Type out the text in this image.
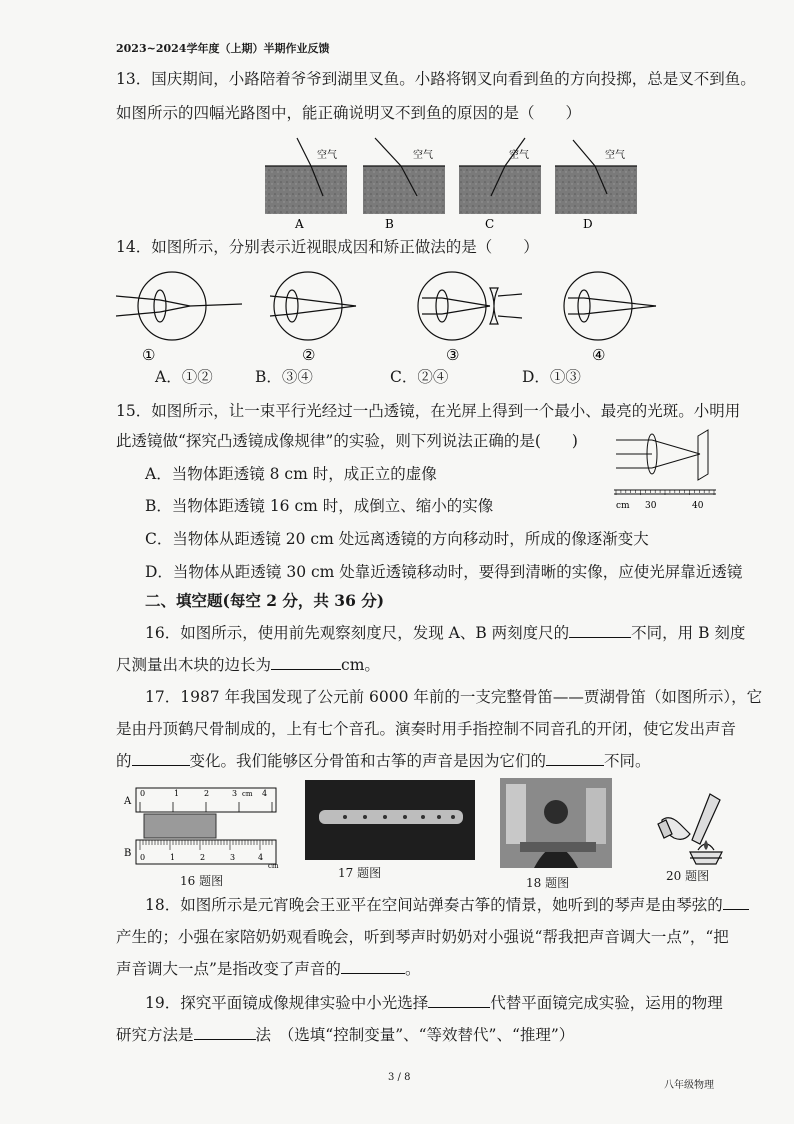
2023~2024学年度（上期）半期作业反馈
13．国庆期间，小路陪着爷爷到湖里叉鱼。小路将钢叉向看到鱼的方向投掷，总是叉不到鱼。
如图所示的四幅光路图中，能正确说明叉不到鱼的原因的是（　　）
空气
A
空气
B
空气
C
空气
D
14．如图所示，分别表示近视眼成因和矫正做法的是（　　）
①	②	③	④
A．①②	B．③④	C．②④	D．①③
15．如图所示，让一束平行光经过一凸透镜，在光屏上得到一个最小、最亮的光斑。小明用
此透镜做“探究凸透镜成像规律”的实验，则下列说法正确的是(　　)
cm 30	40
A．当物体距透镜 8 cm 时，成正立的虚像
B．当物体距透镜 16 cm 时，成倒立、缩小的实像
C．当物体从距透镜 20 cm 处远离透镜的方向移动时，所成的像逐渐变大
D．当物体从距透镜 30 cm 处靠近透镜移动时，要得到清晰的实像，应使光屏靠近透镜
二、填空题(每空 2 分，共 36 分)
16．如图所示，使用前先观察刻度尺，发现 A、B 两刻度尺的	不同，用 B 刻度
尺测量出木块的边长为	cm。
17．1987 年我国发现了公元前 6000 年前的一支完整骨笛——贾湖骨笛（如图所示），它
是由丹顶鹤尺骨制成的，上有七个音孔。演奏时用手指控制不同音孔的开闭，使它发出声音
的	变化。我们能够区分骨笛和古筝的声音是因为它们的	不同。
A
B
0	1	2	3 cm 4
0	1	2	3	4
cm
16 题图
17 题图
18 题图	20 题图
18．如图所示是元宵晚会王亚平在空间站弹奏古筝的情景，她听到的琴声是由琴弦的
产生的；小强在家陪奶奶观看晚会，听到琴声时奶奶对小强说“帮我把声音调大一点”，“把
声音调大一点”是指改变了声音的	。
19．探究平面镜成像规律实验中小光选择	代替平面镜完成实验，运用的物理
研究方法是	法　（选填“控制变量”、“等效替代”、“推理”）
3 / 8
八年级物理
